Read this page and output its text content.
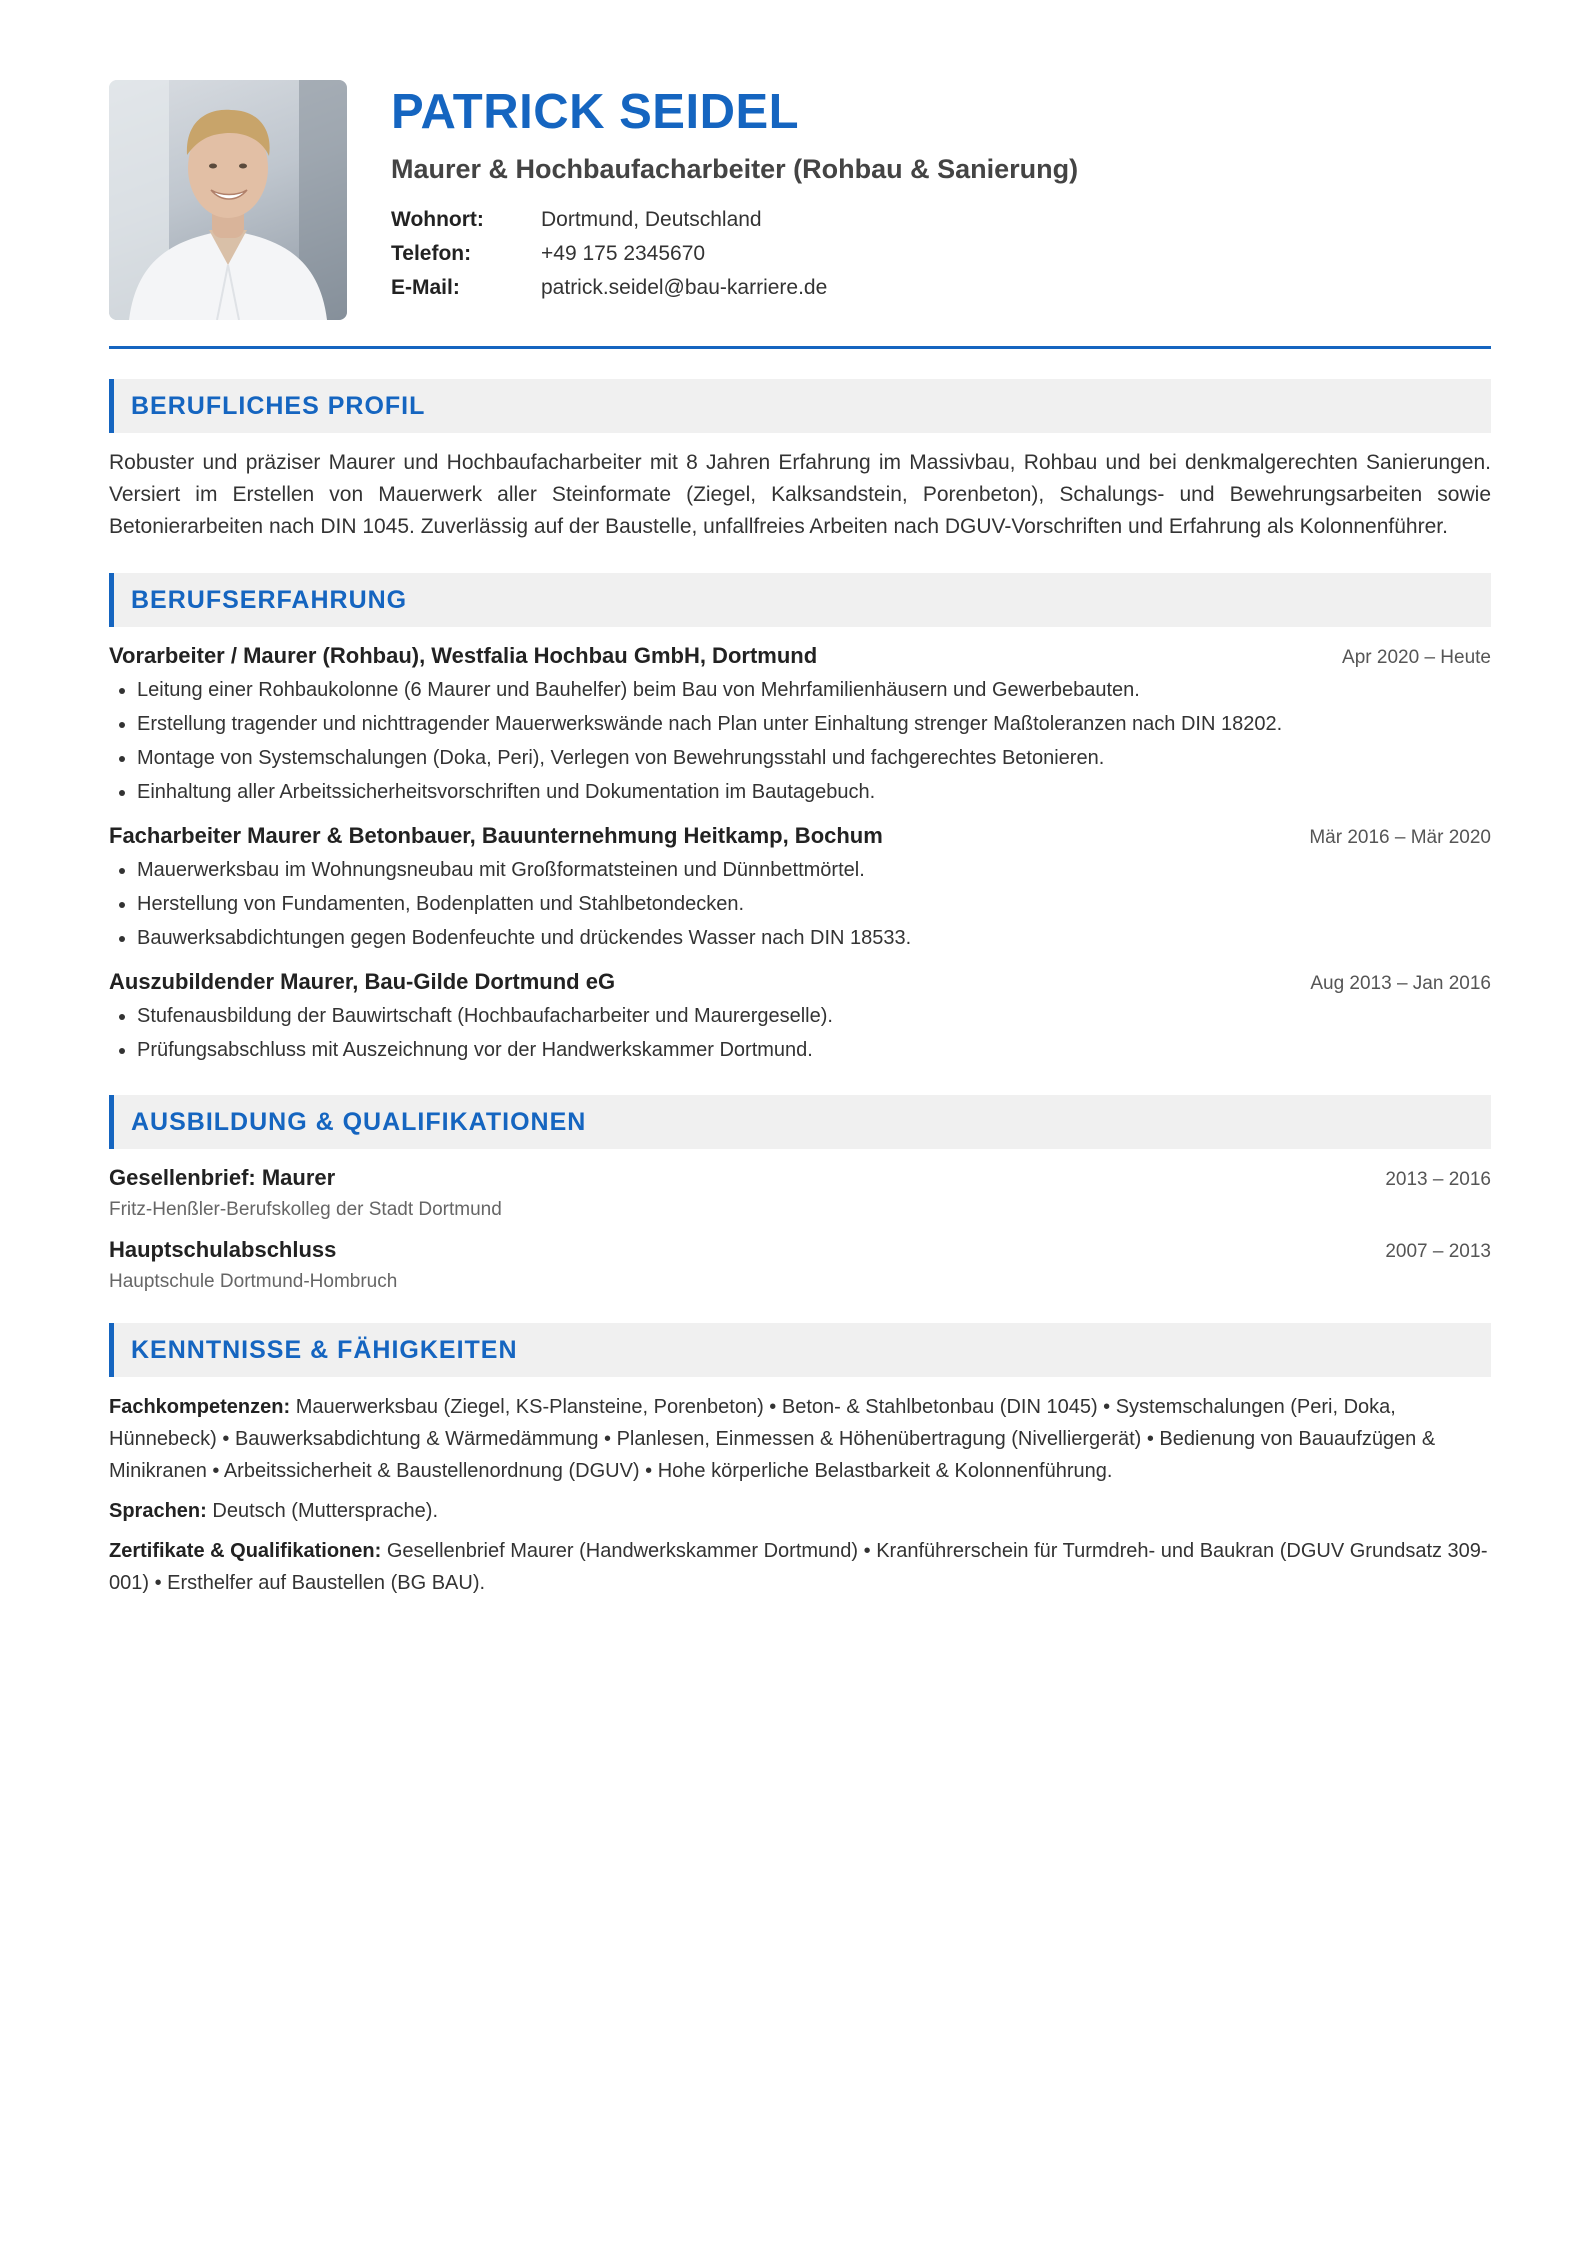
PATRICK SEIDEL
Maurer & Hochbaufacharbeiter (Rohbau & Sanierung)
Wohnort:	Dortmund, Deutschland
Telefon:	+49 175 2345670
E-Mail:	patrick.seidel@bau-karriere.de
BERUFLICHES PROFIL

Robuster und präziser Maurer und Hochbaufacharbeiter mit 8 Jahren Erfahrung im Massivbau, Rohbau und bei denkmalgerechten Sanierungen. Versiert im Erstellen von Mauerwerk aller Steinformate (Ziegel, Kalksandstein, Porenbeton), Schalungs- und Bewehrungsarbeiten sowie Betonierarbeiten nach DIN 1045. Zuverlässig auf der Baustelle, unfallfreies Arbeiten nach DGUV-Vorschriften und Erfahrung als Kolonnenführer.

BERUFSERFAHRUNG
Vorarbeiter / Maurer (Rohbau), Westfalia Hochbau GmbH, Dortmund	Apr 2020 – Heute
• Leitung einer Rohbaukolonne (6 Maurer und Bauhelfer) beim Bau von Mehrfamilienhäusern und Gewerbebauten.
• Erstellung tragender und nichttragender Mauerwerkswände nach Plan unter Einhaltung strenger Maßtoleranzen nach DIN 18202.
• Montage von Systemschalungen (Doka, Peri), Verlegen von Bewehrungsstahl und fachgerechtes Betonieren.
• Einhaltung aller Arbeitssicherheitsvorschriften und Dokumentation im Bautagebuch.
Facharbeiter Maurer & Betonbauer, Bauunternehmung Heitkamp, Bochum	Mär 2016 – Mär 2020
• Mauerwerksbau im Wohnungsneubau mit Großformatsteinen und Dünnbettmörtel.
• Herstellung von Fundamenten, Bodenplatten und Stahlbetondecken.
• Bauwerksabdichtungen gegen Bodenfeuchte und drückendes Wasser nach DIN 18533.
Auszubildender Maurer, Bau-Gilde Dortmund eG	Aug 2013 – Jan 2016
• Stufenausbildung der Bauwirtschaft (Hochbaufacharbeiter und Maurergeselle).
• Prüfungsabschluss mit Auszeichnung vor der Handwerkskammer Dortmund.
AUSBILDUNG & QUALIFIKATIONEN
Gesellenbrief: Maurer	2013 – 2016
Fritz-Henßler-Berufskolleg der Stadt Dortmund
Hauptschulabschluss	2007 – 2013
Hauptschule Dortmund-Hombruch
KENNTNISSE & FÄHIGKEITEN

Fachkompetenzen: Mauerwerksbau (Ziegel, KS-Plansteine, Porenbeton) • Beton- & Stahlbetonbau (DIN 1045) • Systemschalungen (Peri, Doka, Hünnebeck) • Bauwerksabdichtung & Wärmedämmung • Planlesen, Einmessen & Höhenübertragung (Nivelliergerät) • Bedienung von Bauaufzügen & Minikranen • Arbeitssicherheit & Baustellenordnung (DGUV) • Hohe körperliche Belastbarkeit & Kolonnenführung.

Sprachen: Deutsch (Muttersprache).

Zertifikate & Qualifikationen: Gesellenbrief Maurer (Handwerkskammer Dortmund) • Kranführerschein für Turmdreh- und Baukran (DGUV Grundsatz 309-001) • Ersthelfer auf Baustellen (BG BAU).
